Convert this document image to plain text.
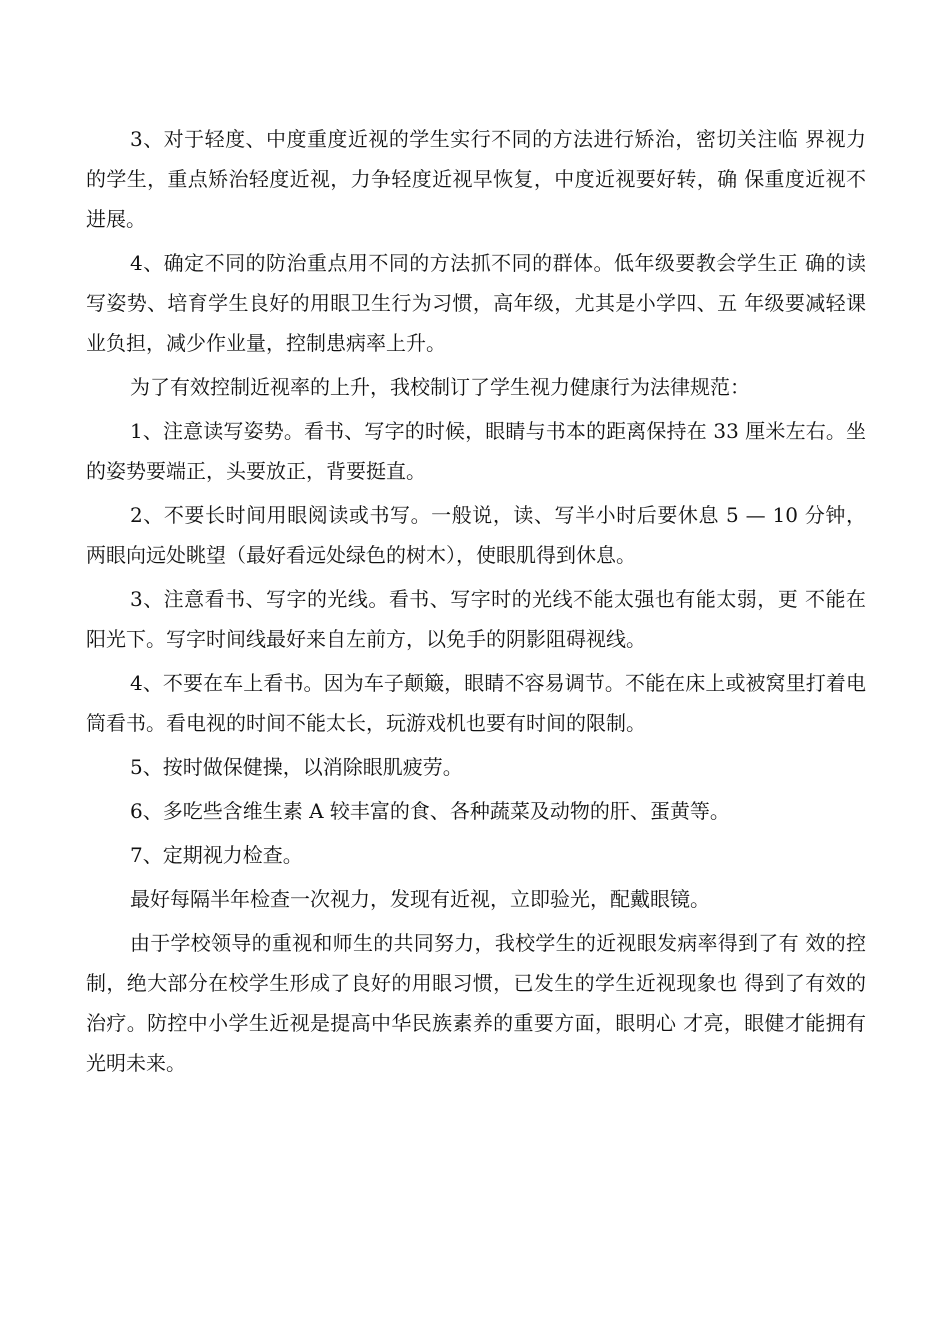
3、对于轻度、中度重度近视的学生实行不同的方法进行矫治，密切关注临 界视力的学生，重点矫治轻度近视，力争轻度近视早恢复，中度近视要好转，确 保重度近视不进展。

4、确定不同的防治重点用不同的方法抓不同的群体。低年级要教会学生正 确的读写姿势、培育学生良好的用眼卫生行为习惯，高年级，尤其是小学四、五 年级要减轻课业负担，减少作业量，控制患病率上升。

为了有效控制近视率的上升，我校制订了学生视力健康行为法律规范：

1、注意读写姿势。看书、写字的时候，眼睛与书本的距离保持在 33 厘米左右。坐的姿势要端正，头要放正，背要挺直。

2、不要长时间用眼阅读或书写。一般说，读、写半小时后要休息 5 — 10 分钟，两眼向远处眺望（最好看远处绿色的树木），使眼肌得到休息。

3、注意看书、写字的光线。看书、写字时的光线不能太强也有能太弱，更 不能在阳光下。写字时间线最好来自左前方，以免手的阴影阻碍视线。

4、不要在车上看书。因为车子颠簸，眼睛不容易调节。不能在床上或被窝里打着电筒看书。看电视的时间不能太长，玩游戏机也要有时间的限制。

5、按时做保健操，以消除眼肌疲劳。

6、多吃些含维生素 A 较丰富的食、各种蔬菜及动物的肝、蛋黄等。

7、定期视力检查。

最好每隔半年检查一次视力，发现有近视，立即验光，配戴眼镜。

由于学校领导的重视和师生的共同努力，我校学生的近视眼发病率得到了有 效的控制，绝大部分在校学生形成了良好的用眼习惯，已发生的学生近视现象也 得到了有效的治疗。防控中小学生近视是提高中华民族素养的重要方面，眼明心 才亮，眼健才能拥有光明未来。
